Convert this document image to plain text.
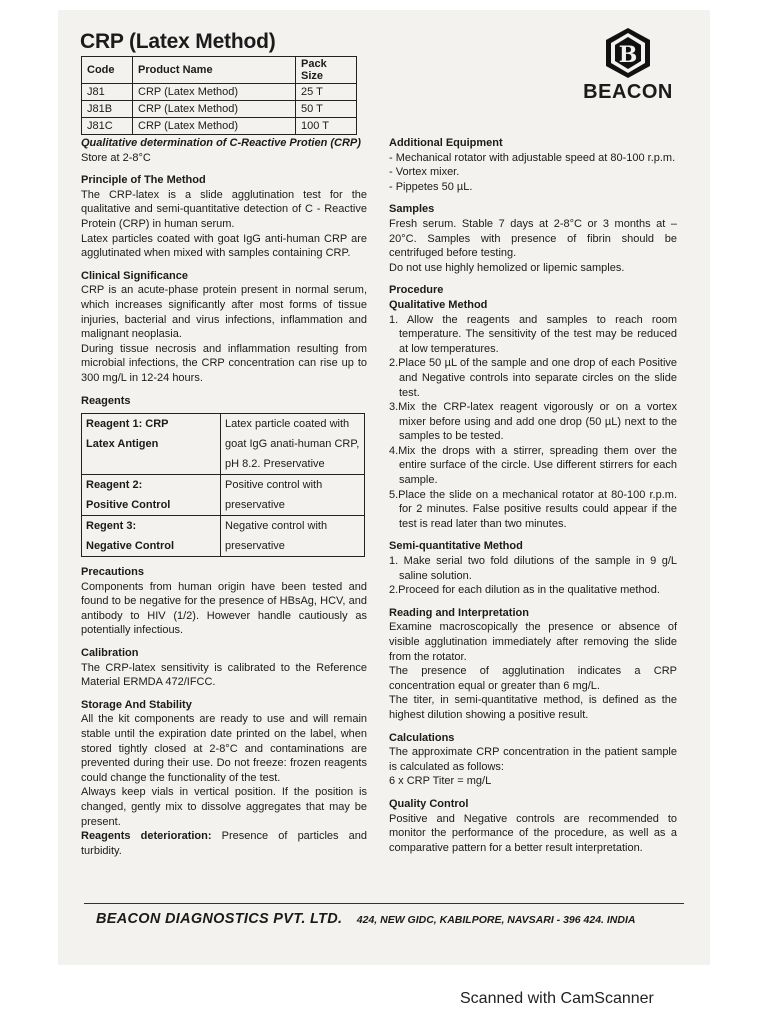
CRP (Latex Method)
B
BEACON
Code	Product Name	Pack Size
J81	CRP (Latex Method)	25 T
J81B	CRP (Latex Method)	50 T
J81C	CRP (Latex Method)	100 T

Qualitative determination of C-Reactive Protien (CRP)

Store at 2-8°C

Principle of The Method

The CRP-latex is a slide agglutination test for the qualitative and semi-quantitative detection of C - Reactive Protein (CRP) in human serum.

Latex particles coated with goat IgG anti-human CRP are agglutinated when mixed with samples containing CRP.

Clinical Significance

CRP is an acute-phase protein present in normal serum, which increases significantly after most forms of tissue injuries, bacterial and virus infections, inflammation and malignant neoplasia.

During tissue necrosis and inflammation resulting from microbial infections, the CRP concentration can rise up to 300 mg/L in 12-24 hours.

Reagents
Reagent 1: CRP
Latex Antigen	Latex particle coated with goat IgG anati-human CRP, pH 8.2. Preservative

Reagent 2:
Positive Control	Positive control with preservative

Regent 3:
Negative Control	Negative control with preservative
Precautions

Components from human origin have been tested and found to be negative for the presence of HBsAg, HCV, and antibody to HIV (1/2). However handle cautiously as potentially infectious.

Calibration

The CRP-latex sensitivity is calibrated to the Reference Material ERMDA 472/IFCC.

Storage And Stability

All the kit components are ready to use and will remain stable until the expiration date printed on the label, when stored tightly closed at 2-8°C and contaminations are prevented during their use. Do not freeze: frozen reagents could change the functionality of the test.

Always keep vials in vertical position. If the position is changed, gently mix to dissolve aggregates that may be present.

Reagents deterioration: Presence of particles and turbidity.

Additional Equipment
- Mechanical rotator with adjustable speed at 80-100 r.p.m.
- Vortex mixer.
- Pippetes 50 µL.
Samples

Fresh serum. Stable 7 days at 2-8°C or 3 months at –20°C. Samples with presence of fibrin should be centrifuged before testing.

Do not use highly hemolized or lipemic samples.

Procedure
Qualitative Method
1. Allow the reagents and samples to reach room temperature. The sensitivity of the test may be reduced at low temperatures.
2.Place 50 µL of the sample and one drop of each Positive and Negative controls into separate circles on the slide test.
3.Mix the CRP-latex reagent vigorously or on a vortex mixer before using and add one drop (50 µL) next to the samples to be tested.
4.Mix the drops with a stirrer, spreading them over the entire surface of the circle. Use different stirrers for each sample.
5.Place the slide on a mechanical rotator at 80-100 r.p.m. for 2 minutes. False positive results could appear if the test is read later than two minutes.
Semi-quantitative Method
1. Make serial two fold dilutions of the sample in 9 g/L saline solution.
2.Proceed for each dilution as in the qualitative method.
Reading and Interpretation

Examine macroscopically the presence or absence of visible agglutination immediately after removing the slide from the rotator.

The presence of agglutination indicates a CRP concentration equal or greater than 6 mg/L.

The titer, in semi-quantitative method, is defined as the highest dilution showing a positive result.

Calculations

The approximate CRP concentration in the patient sample is calculated as follows:

6 x CRP Titer = mg/L

Quality Control

Positive and Negative controls are recommended to monitor the performance of the procedure, as well as a comparative pattern for a better result interpretation.

BEACON DIAGNOSTICS PVT. LTD. 424, NEW GIDC, KABILPORE, NAVSARI - 396 424. INDIA
Scanned with CamScanner
